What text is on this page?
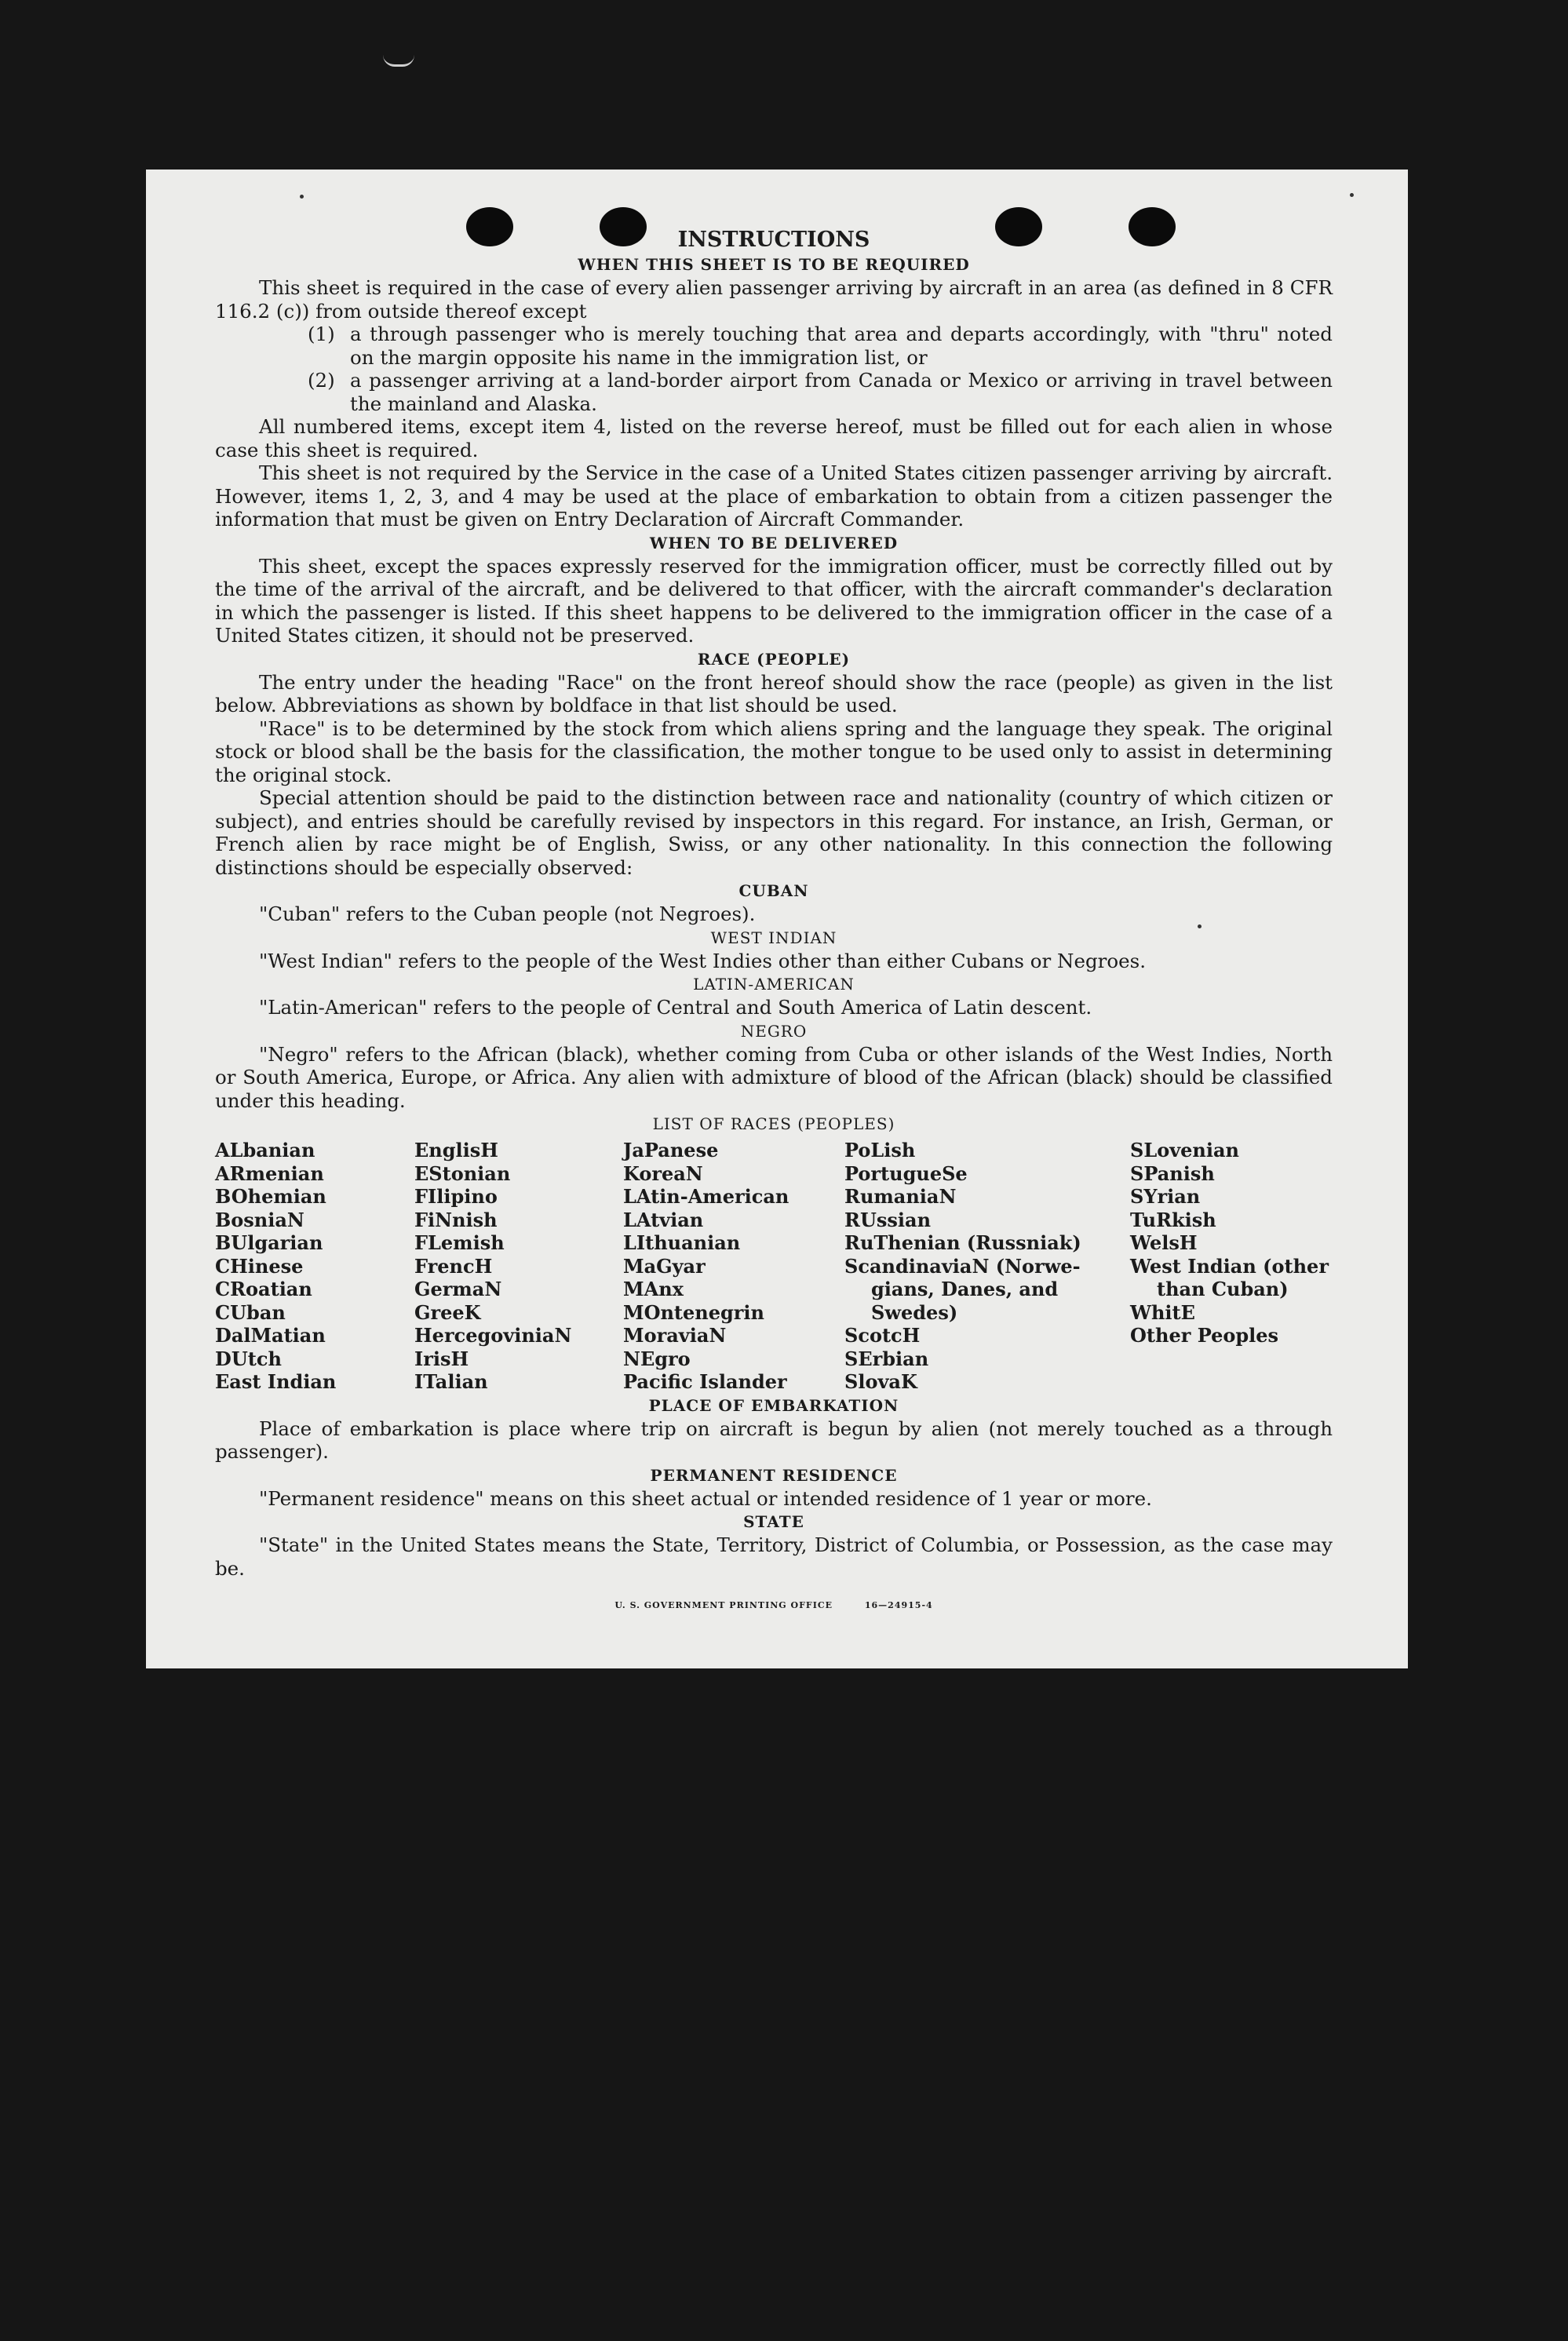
INSTRUCTIONS
WHEN THIS SHEET IS TO BE REQUIRED

This sheet is required in the case of every alien passenger arriving by aircraft in an area (as defined in 8 CFR 116.2 (c)) from outside thereof except

(1) a through passenger who is merely touching that area and departs accordingly, with "thru" noted on the margin opposite his name in the immigration list, or
(2) a passenger arriving at a land-border airport from Canada or Mexico or arriving in travel between the mainland and Alaska.

All numbered items, except item 4, listed on the reverse hereof, must be filled out for each alien in whose case this sheet is required.

This sheet is not required by the Service in the case of a United States citizen passenger arriving by aircraft. However, items 1, 2, 3, and 4 may be used at the place of embarkation to obtain from a citizen passenger the information that must be given on Entry Declaration of Aircraft Commander.

WHEN TO BE DELIVERED

This sheet, except the spaces expressly reserved for the immigration officer, must be correctly filled out by the time of the arrival of the aircraft, and be delivered to that officer, with the aircraft commander's declaration in which the passenger is listed. If this sheet happens to be delivered to the immigration officer in the case of a United States citizen, it should not be preserved.

RACE (PEOPLE)

The entry under the heading "Race" on the front hereof should show the race (people) as given in the list below. Abbreviations as shown by boldface in that list should be used.

"Race" is to be determined by the stock from which aliens spring and the language they speak. The original stock or blood shall be the basis for the classification, the mother tongue to be used only to assist in determining the original stock.

Special attention should be paid to the distinction between race and nationality (country of which citizen or subject), and entries should be carefully revised by inspectors in this regard. For instance, an Irish, German, or French alien by race might be of English, Swiss, or any other nationality. In this connection the following distinctions should be especially observed:

CUBAN

"Cuban" refers to the Cuban people (not Negroes).

WEST INDIAN

"West Indian" refers to the people of the West Indies other than either Cubans or Negroes.

LATIN-AMERICAN

"Latin-American" refers to the people of Central and South America of Latin descent.

NEGRO

"Negro" refers to the African (black), whether coming from Cuba or other islands of the West Indies, North or South America, Europe, or Africa. Any alien with admixture of blood of the African (black) should be classified under this heading.

LIST OF RACES (PEOPLES)
ALbanian
ARmenian
BOhemian
BosniaN
BUlgarian
CHinese
CRoatian
CUban
DalMatian
DUtch
East Indian
EnglisH
EStonian
FIlipino
FiNnish
FLemish
FrencH
GermaN
GreeK
HercegoviniaN
IrisH
ITalian
JaPanese
KoreaN
LAtin-American
LAtvian
LIthuanian
MaGyar
MAnx
MOntenegrin
MoraviaN
NEgro
Pacific Islander
PoLish
PortugueSe
RumaniaN
RUssian
RuThenian (Russniak)
ScandinaviaN (Norwe-
gians, Danes, and
Swedes)
ScotcH
SErbian
SlovaK
SLovenian
SPanish
SYrian
TuRkish
WelsH
West Indian (other
than Cuban)
WhitE
Other Peoples
PLACE OF EMBARKATION

Place of embarkation is place where trip on aircraft is begun by alien (not merely touched as a through passenger).

PERMANENT RESIDENCE

"Permanent residence" means on this sheet actual or intended residence of 1 year or more.

STATE

"State" in the United States means the State, Territory, District of Columbia, or Possession, as the case may be.

U. S. GOVERNMENT PRINTING OFFICE	16—24915-4
